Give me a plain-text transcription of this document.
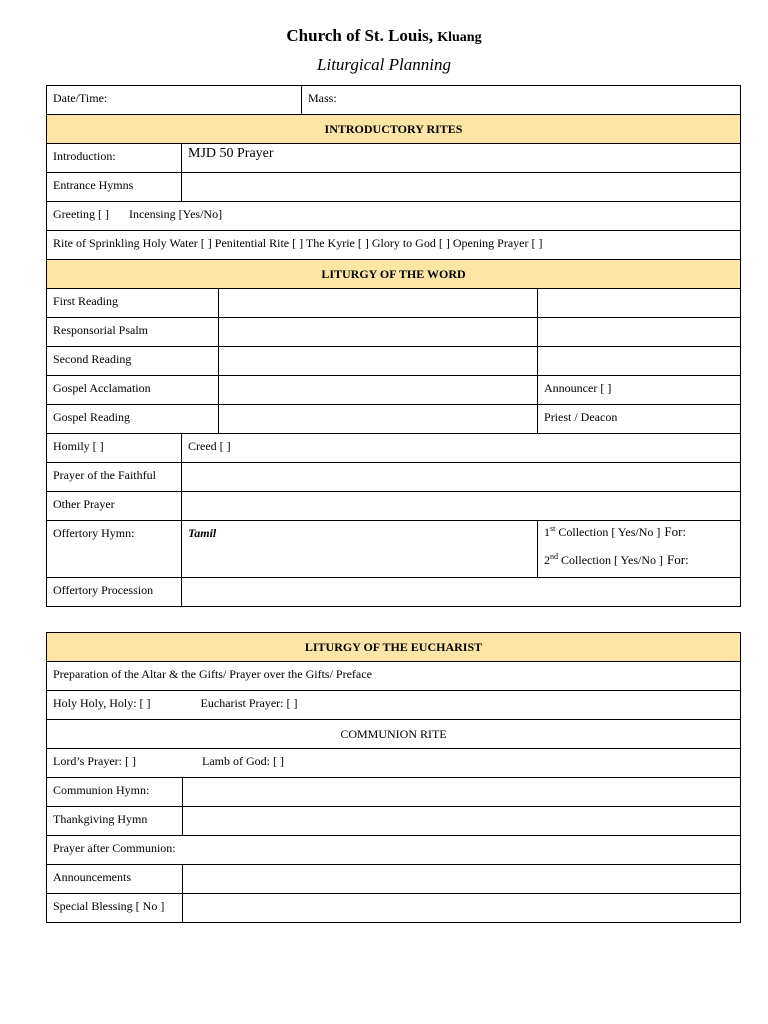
Church of St. Louis, Kluang
Liturgical Planning
Date/Time:			Mass:	
INTRODUCTORY RITES				
Introduction:	MJD 50 Prayer			
Entrance Hymns				
Greeting [ ] Incensing [Yes/No]				
Rite of Sprinkling Holy Water [ ] Penitential Rite [ ] The Kyrie [ ] Glory to God [ ] Opening Prayer [ ]				
LITURGY OF THE WORD				
First Reading				
Responsorial Psalm				
Second Reading				
Gospel Acclamation				Announcer [ ]
Gospel Reading				Priest / Deacon
Homily [ ]	Creed [ ]			
Prayer of the Faithful				
Other Prayer				
Offertory Hymn:	Tamil			1st Collection [ Yes/No ] For:
2nd Collection [ Yes/No ] For:

Offertory Procession				
LITURGY OF THE EUCHARIST	
Preparation of the Altar & the Gifts/ Prayer over the Gifts/ Preface	
Holy Holy, Holy: [ ] Eucharist Prayer: [ ]	
COMMUNION RITE	
Lord’s Prayer: [ ] Lamb of God: [ ]	
Communion Hymn:	
Thankgiving Hymn	
Prayer after Communion:	
Announcements	
Special Blessing [ No ]	
